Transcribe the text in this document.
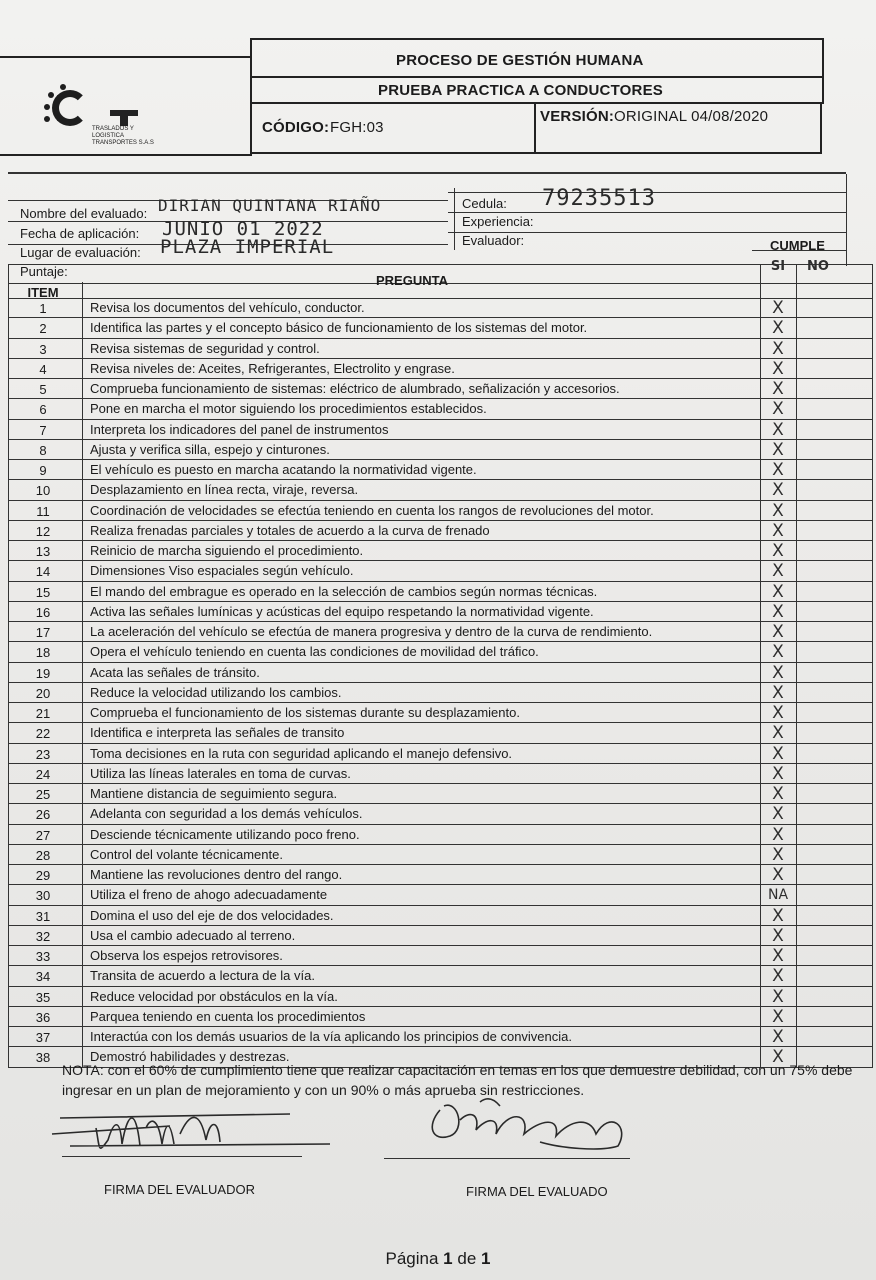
TRASLADOS Y LOGISTICA TRANSPORTES S.A.S
PROCESO DE GESTIÓN HUMANA
PRUEBA PRACTICA A CONDUCTORES
CÓDIGO: FGH:03
VERSIÓN: ORIGINAL 04/08/2020
Nombre del evaluado: DIRIAN QUINTANA RIAÑO
Fecha de aplicación: JUNIO 01 2022
Lugar de evaluación: PLAZA IMPERIAL
Puntaje:
Cedula: 79235513
Experiencia:
Evaluador:	CUMPLE
ITEM
PREGUNTA
SI	NO
1	Revisa los documentos del vehículo, conductor.	X
2	Identifica las partes y el concepto básico de funcionamiento de los sistemas del motor.	X
3	Revisa sistemas de seguridad y control.	X
4	Revisa niveles de: Aceites, Refrigerantes, Electrolito y engrase.	X
5	Comprueba funcionamiento de sistemas: eléctrico de alumbrado, señalización y accesorios.	X
6	Pone en marcha el motor siguiendo los procedimientos establecidos.	X
7	Interpreta los indicadores del panel de instrumentos	X
8	Ajusta y verifica silla, espejo y cinturones.	X
9	El vehículo es puesto en marcha acatando la normatividad vigente.	X
10	Desplazamiento en línea recta, viraje, reversa.	X
11	Coordinación de velocidades se efectúa teniendo en cuenta los rangos de revoluciones del motor.	X
12	Realiza frenadas parciales y totales de acuerdo a la curva de frenado	X
13	Reinicio de marcha siguiendo el procedimiento.	X
14	Dimensiones Viso espaciales según vehículo.	X
15	El mando del embrague es operado en la selección de cambios según normas técnicas.	X
16	Activa las señales lumínicas y acústicas del equipo respetando la normatividad vigente.	X
17	La aceleración del vehículo se efectúa de manera progresiva y dentro de la curva de rendimiento.	X
18	Opera el vehículo teniendo en cuenta las condiciones de movilidad del tráfico.	X
19	Acata las señales de tránsito.	X
20	Reduce la velocidad utilizando los cambios.	X
21	Comprueba el funcionamiento de los sistemas durante su desplazamiento.	X
22	Identifica e interpreta las señales de transito	X
23	Toma decisiones en la ruta con seguridad aplicando el manejo defensivo.	X
24	Utiliza las líneas laterales en toma de curvas.	X
25	Mantiene distancia de seguimiento segura.	X
26	Adelanta con seguridad a los demás vehículos.	X
27	Desciende técnicamente utilizando poco freno.	X
28	Control del volante técnicamente.	X
29	Mantiene las revoluciones dentro del rango.	X
30	Utiliza el freno de ahogo adecuadamente	NA
31	Domina el uso del eje de dos velocidades.	X
32	Usa el cambio adecuado al terreno.	X
33	Observa los espejos retrovisores.	X
34	Transita de acuerdo a lectura de la vía.	X
35	Reduce velocidad por obstáculos en la vía.	X
36	Parquea teniendo en cuenta los procedimientos	X
37	Interactúa con los demás usuarios de la vía aplicando los principios de convivencia.	X
38	Demostró habilidades y destrezas.	X
NOTA: con el 60% de cumplimiento tiene que realizar capacitación en temas en los que demuestre debilidad, con un 75% debe ingresar en un plan de mejoramiento y con un 90% o más aprueba sin restricciones.
FIRMA DEL EVALUADOR	FIRMA DEL EVALUADO
Página 1 de 1
